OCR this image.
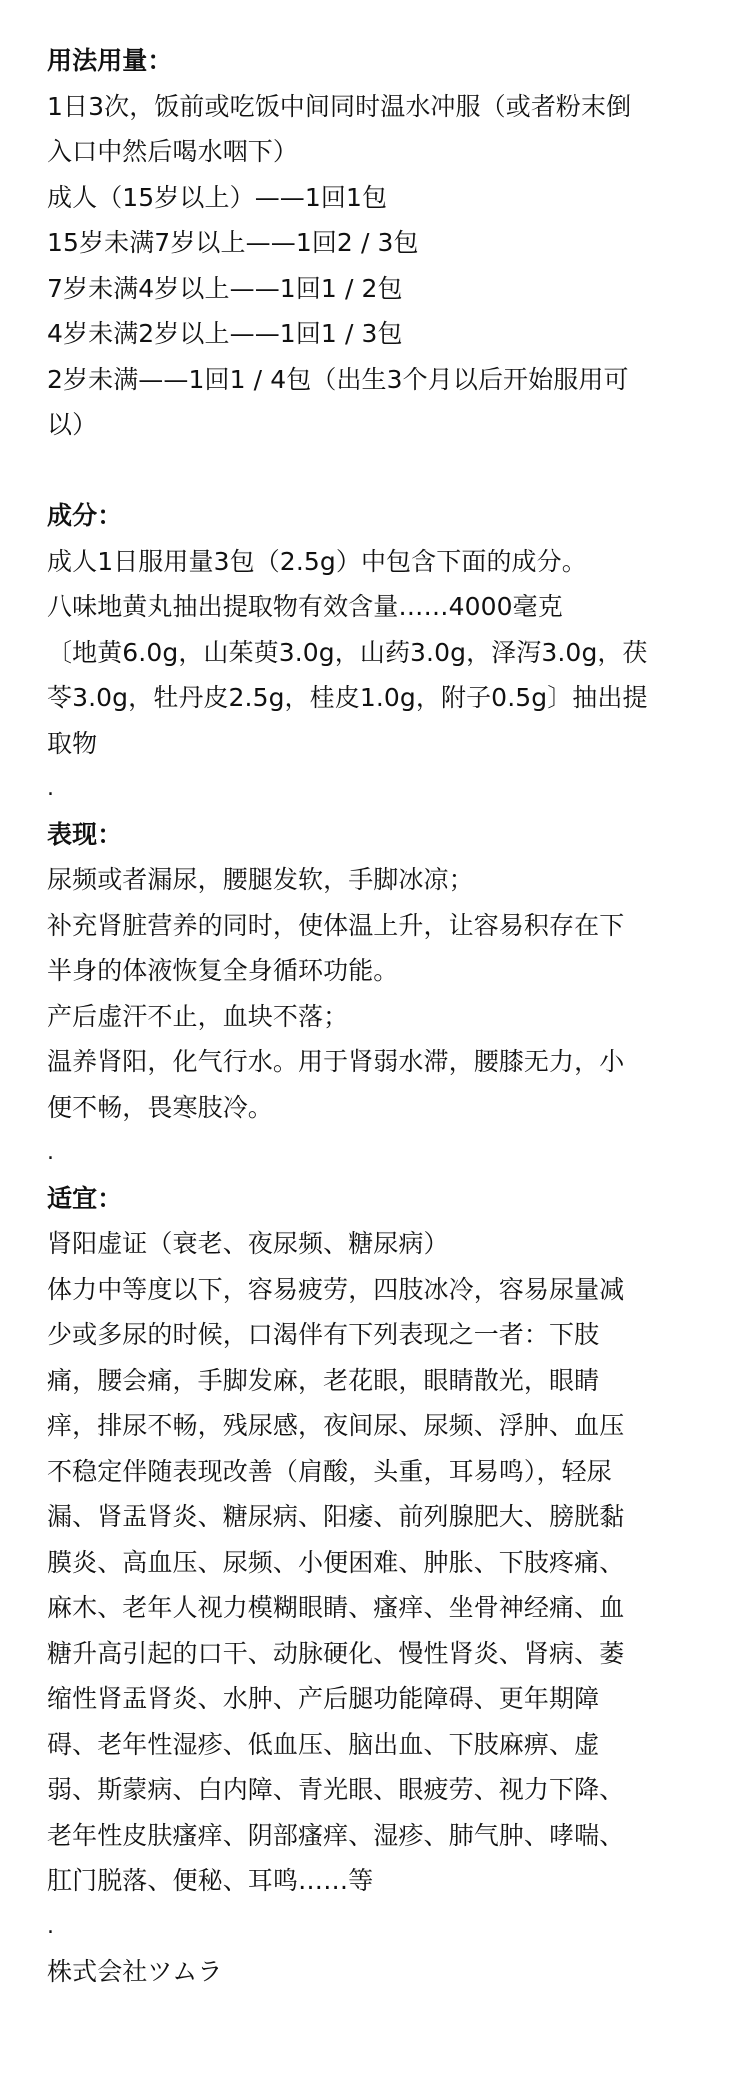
用法用量：
1日3次，饭前或吃饭中间同时温水冲服（或者粉末倒
入口中然后喝水咽下）
成人（15岁以上）——1回1包
15岁未满7岁以上——1回2 / 3包
7岁未满4岁以上——1回1 / 2包
4岁未满2岁以上——1回1 / 3包
2岁未满——1回1 / 4包（出生3个月以后开始服用可
以）
成分：
成人1日服用量3包（2.5g）中包含下面的成分。
八味地黄丸抽出提取物有效含量……4000毫克
〔地黄6.0g，山茱萸3.0g，山药3.0g，泽泻3.0g，茯
苓3.0g，牡丹皮2.5g，桂皮1.0g，附子0.5g〕抽出提
取物
.
表现：
尿频或者漏尿，腰腿发软，手脚冰凉；
补充肾脏营养的同时，使体温上升，让容易积存在下
半身的体液恢复全身循环功能。
产后虚汗不止，血块不落；
温养肾阳，化气行水。用于肾弱水滞，腰膝无力，小
便不畅，畏寒肢冷。
.
适宜：
肾阳虚证（衰老、夜尿频、糖尿病）
体力中等度以下，容易疲劳，四肢冰冷，容易尿量减
少或多尿的时候，口渴伴有下列表现之一者：下肢
痛，腰会痛，手脚发麻，老花眼，眼睛散光，眼睛
痒，排尿不畅，残尿感，夜间尿、尿频、浮肿、血压
不稳定伴随表现改善（肩酸，头重，耳易鸣），轻尿
漏、肾盂肾炎、糖尿病、阳痿、前列腺肥大、膀胱黏
膜炎、高血压、尿频、小便困难、肿胀、下肢疼痛、
麻木、老年人视力模糊眼睛、瘙痒、坐骨神经痛、血
糖升高引起的口干、动脉硬化、慢性肾炎、肾病、萎
缩性肾盂肾炎、水肿、产后腿功能障碍、更年期障
碍、老年性湿疹、低血压、脑出血、下肢麻痹、虚
弱、斯蒙病、白内障、青光眼、眼疲劳、视力下降、
老年性皮肤瘙痒、阴部瘙痒、湿疹、肺气肿、哮喘、
肛门脱落、便秘、耳鸣……等
.
株式会社ツムラ
